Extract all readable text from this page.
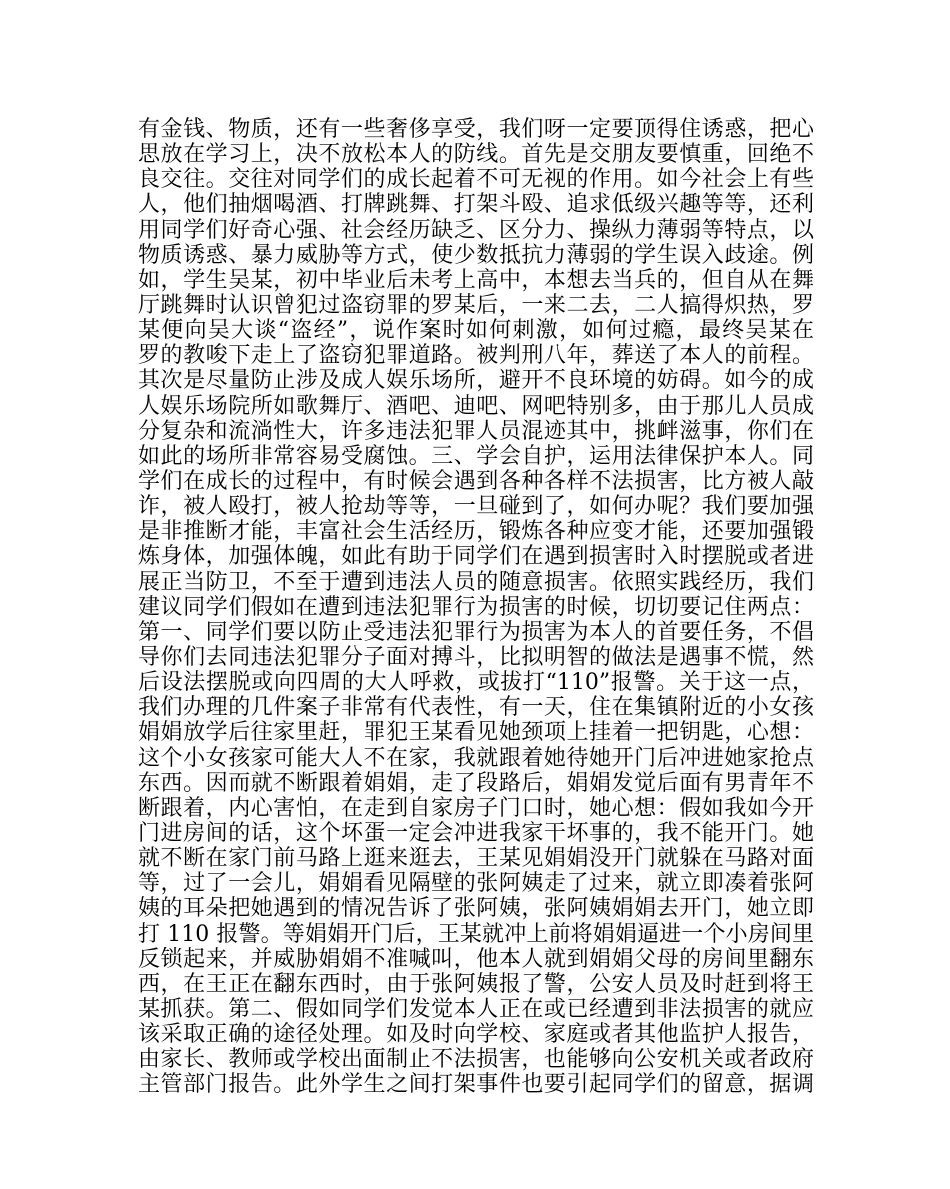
有金钱、物质，还有一些奢侈享受，我们呀一定要顶得住诱惑，把心
思放在学习上，决不放松本人的防线。首先是交朋友要慎重，回绝不
良交往。交往对同学们的成长起着不可无视的作用。如今社会上有些
人，他们抽烟喝酒、打牌跳舞、打架斗殴、追求低级兴趣等等，还利
用同学们好奇心强、社会经历缺乏、区分力、操纵力薄弱等特点，以
物质诱惑、暴力威胁等方式，使少数抵抗力薄弱的学生误入歧途。例
如，学生吴某，初中毕业后未考上高中，本想去当兵的，但自从在舞
厅跳舞时认识曾犯过盗窃罪的罗某后，一来二去，二人搞得炽热，罗
某便向吴大谈“盗经”，说作案时如何刺激，如何过瘾，最终吴某在
罗的教唆下走上了盗窃犯罪道路。被判刑八年，葬送了本人的前程。
其次是尽量防止涉及成人娱乐场所，避开不良环境的妨碍。如今的成
人娱乐场院所如歌舞厅、酒吧、迪吧、网吧特别多，由于那儿人员成
分复杂和流淌性大，许多违法犯罪人员混迹其中，挑衅滋事，你们在
如此的场所非常容易受腐蚀。三、学会自护，运用法律保护本人。同
学们在成长的过程中，有时候会遇到各种各样不法损害，比方被人敲
诈，被人殴打，被人抢劫等等，一旦碰到了，如何办呢？我们要加强
是非推断才能，丰富社会生活经历，锻炼各种应变才能，还要加强锻
炼身体，加强体魄，如此有助于同学们在遇到损害时入时摆脱或者进
展正当防卫，不至于遭到违法人员的随意损害。依照实践经历，我们
建议同学们假如在遭到违法犯罪行为损害的时候，切切要记住两点：
第一、同学们要以防止受违法犯罪行为损害为本人的首要任务，不倡
导你们去同违法犯罪分子面对搏斗，比拟明智的做法是遇事不慌，然
后设法摆脱或向四周的大人呼救，或拔打“110”报警。关于这一点，
我们办理的几件案子非常有代表性，有一天，住在集镇附近的小女孩
娟娟放学后往家里赶，罪犯王某看见她颈项上挂着一把钥匙，心想：
这个小女孩家可能大人不在家，我就跟着她待她开门后冲进她家抢点
东西。因而就不断跟着娟娟，走了段路后，娟娟发觉后面有男青年不
断跟着，内心害怕，在走到自家房子门口时，她心想：假如我如今开
门进房间的话，这个坏蛋一定会冲进我家干坏事的，我不能开门。她
就不断在家门前马路上逛来逛去，王某见娟娟没开门就躲在马路对面
等，过了一会儿，娟娟看见隔壁的张阿姨走了过来，就立即凑着张阿
姨的耳朵把她遇到的情况告诉了张阿姨，张阿姨娟娟去开门，她立即
打 110 报警。等娟娟开门后，王某就冲上前将娟娟逼进一个小房间里
反锁起来，并威胁娟娟不准喊叫，他本人就到娟娟父母的房间里翻东
西，在王正在翻东西时，由于张阿姨报了警，公安人员及时赶到将王
某抓获。第二、假如同学们发觉本人正在或已经遭到非法损害的就应
该采取正确的途径处理。如及时向学校、家庭或者其他监护人报告，
由家长、教师或学校出面制止不法损害，也能够向公安机关或者政府
主管部门报告。此外学生之间打架事件也要引起同学们的留意，据调
